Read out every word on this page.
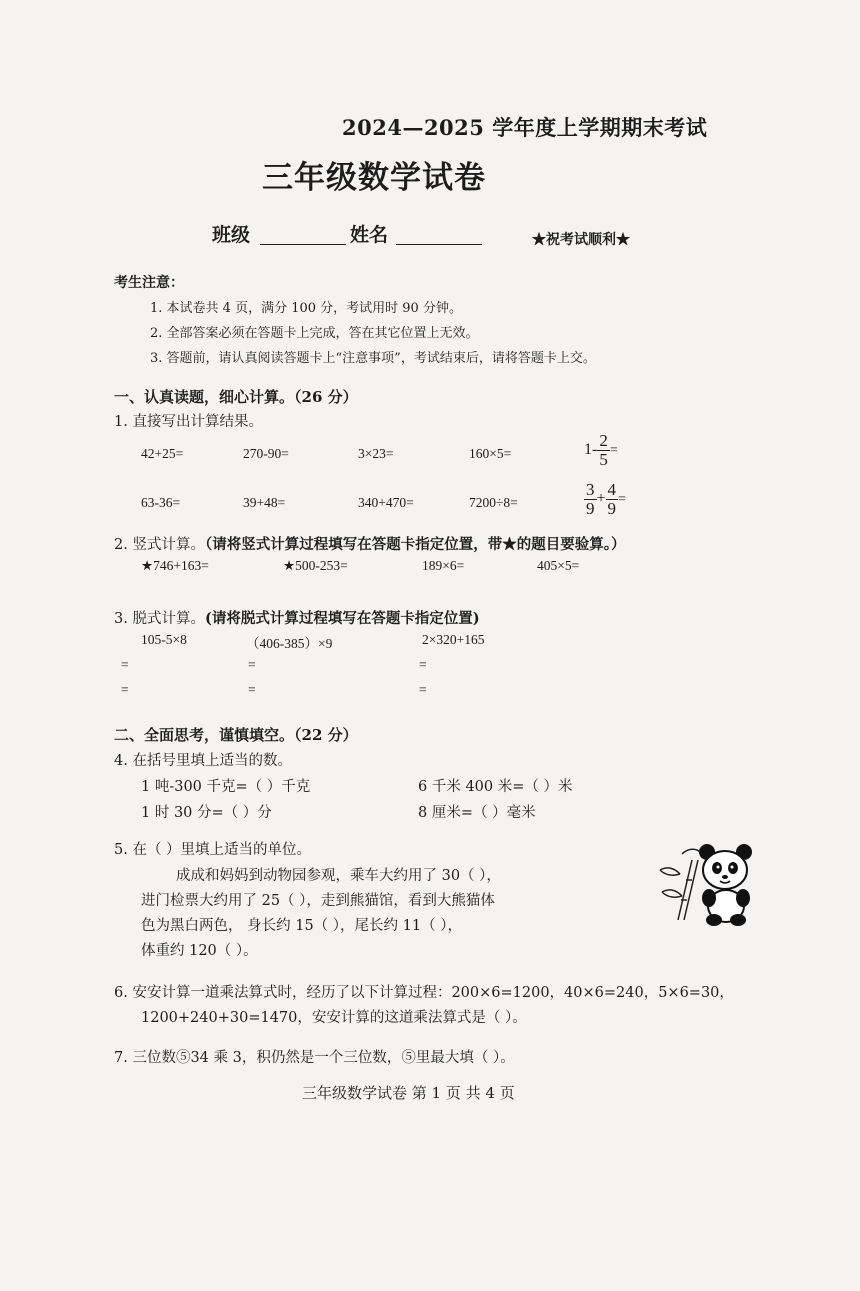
2024—2025 学年度上学期期末考试
三年级数学试卷
班级	姓名	★祝考试顺利★
考生注意：
1. 本试卷共 4 页，满分 100 分，考试用时 90 分钟。
2. 全部答案必须在答题卡上完成，答在其它位置上无效。
3. 答题前，请认真阅读答题卡上“注意事项”，考试结束后，请将答题卡上交。
一、认真读题，细心计算。（26 分）
1. 直接写出计算结果。
42+25=	270-90=	3×23=	160×5=	$1- \frac{2}{5}$ =
63-36=	39+48=	340+470=	7200÷8=	$\frac{3}{9} + \frac{4}{9}$ =
2. 竖式计算。（请将竖式计算过程填写在答题卡指定位置，带★的题目要验算。）
★746+163=	★500-253=	189×6=	405×5=
3. 脱式计算。(请将脱式计算过程填写在答题卡指定位置)
105-5×8	（406-385）×9	2×320+165
=	=	=
=	=	=
二、全面思考，谨慎填空。（22 分）
4. 在括号里填上适当的数。
1 吨-300 千克=（ ）千克	6 千米 400 米=（ ）米
1 时 30 分=（ ）分	8 厘米=（ ）毫米
5. 在（ ）里填上适当的单位。
成成和妈妈到动物园参观，乘车大约用了 30（ ），
进门检票大约用了 25（ ），走到熊猫馆，看到大熊猫体
色为黑白两色， 身长约 15（ ），尾长约 11（ ），
体重约 120（ ）。
6. 安安计算一道乘法算式时，经历了以下计算过程：200×6=1200，40×6=240，5×6=30，
1200+240+30=1470，安安计算的这道乘法算式是（ ）。
7. 三位数⑤34 乘 3，积仍然是一个三位数，⑤里最大填（ ）。
三年级数学试卷 第 1 页 共 4 页
